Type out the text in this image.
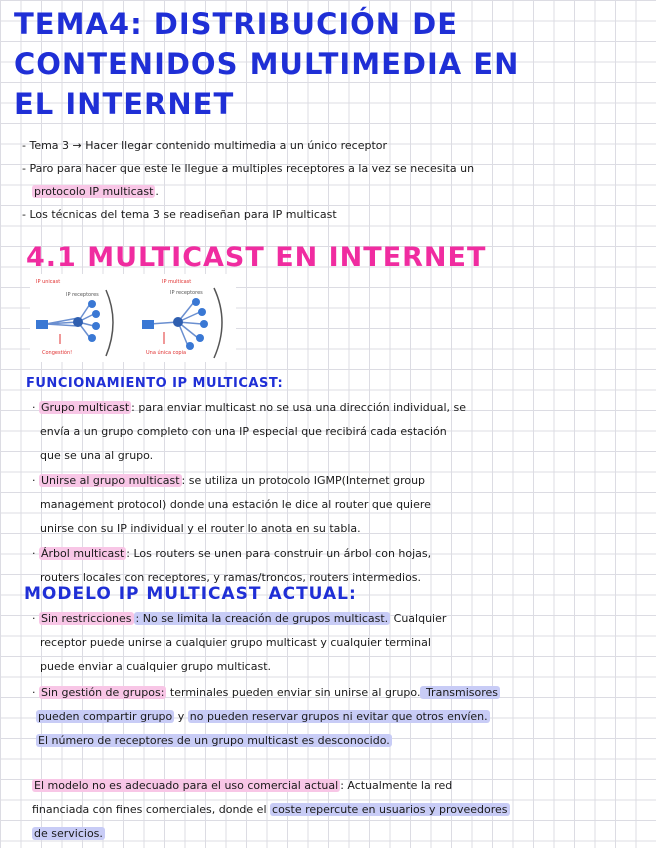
TEMA4: DISTRIBUCIÓN DE
CONTENIDOS MULTIMEDIA EN
EL INTERNET
- Tema 3 → Hacer llegar contenido multimedia a un único receptor
- Paro para hacer que este le llegue a multiples receptores a la vez se necesita un
protocolo IP multicast .
- Los técnicas del tema 3 se readiseñan para IP multicast
4.1 MULTICAST EN INTERNET
IP unicast
IP receptores
Congestión!
IP multicast
IP receptores
Una única copia
FUNCIONAMIENTO IP MULTICAST:
· Grupo multicast : para enviar multicast no se usa una dirección individual, se
envía a un grupo completo con una IP especial que recibirá cada estación
que se una al grupo.
· Unirse al grupo multicast : se utiliza un protocolo IGMP(Internet group
management protocol) donde una estación le dice al router que quiere
unirse con su IP individual y el router lo anota en su tabla.
· Árbol multicast : Los routers se unen para construir un árbol con hojas,
routers locales con receptores, y ramas/troncos, routers intermedios.
MODELO IP MULTICAST ACTUAL:
· Sin restricciones : No se limita la creación de grupos multicast. Cualquier
receptor puede unirse a cualquier grupo multicast y cualquier terminal
puede enviar a cualquier grupo multicast.
· Sin gestión de grupos: terminales pueden enviar sin unirse al grupo. Transmisores
pueden compartir grupo y no pueden reservar grupos ni evitar que otros envíen.
El número de receptores de un grupo multicast es desconocido.
El modelo no es adecuado para el uso comercial actual : Actualmente la red
financiada con fines comerciales, donde el coste repercute en usuarios y proveedores
de servicios.
